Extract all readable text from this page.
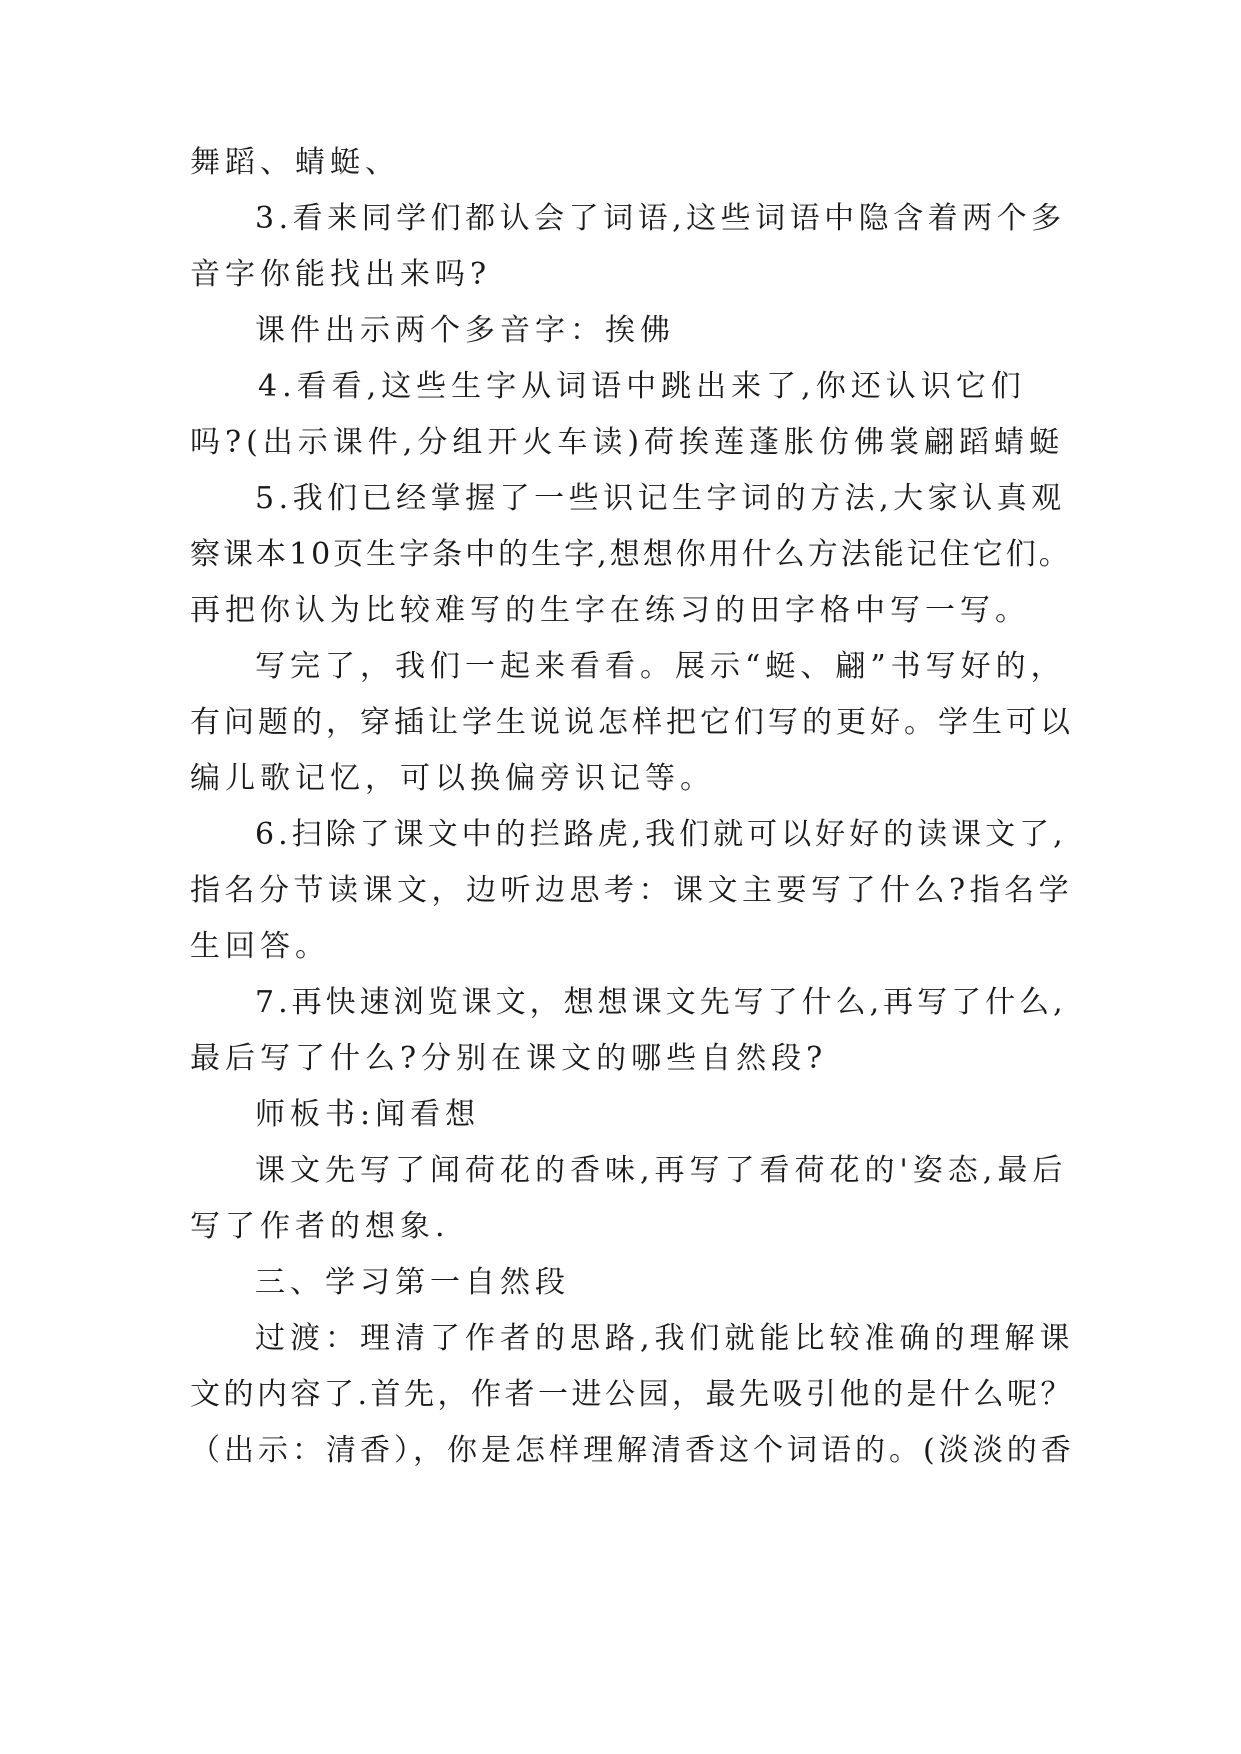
舞蹈、蜻蜓、
3.看来同学们都认会了词语,这些词语中隐含着两个多
音字你能找出来吗?
课件出示两个多音字：挨佛
4.看看,这些生字从词语中跳出来了,你还认识它们
吗?(出示课件,分组开火车读)荷挨莲蓬胀仿佛裳翩蹈蜻蜓
5.我们已经掌握了一些识记生字词的方法,大家认真观
察课本10页生字条中的生字,想想你用什么方法能记住它们。
再把你认为比较难写的生字在练习的田字格中写一写。
写完了，我们一起来看看。展示“蜓、翩”书写好的，
有问题的，穿插让学生说说怎样把它们写的更好。学生可以
编儿歌记忆，可以换偏旁识记等。
6.扫除了课文中的拦路虎,我们就可以好好的读课文了,
指名分节读课文，边听边思考：课文主要写了什么?指名学
生回答。
7.再快速浏览课文，想想课文先写了什么,再写了什么,
最后写了什么?分别在课文的哪些自然段?
师板书:闻看想
课文先写了闻荷花的香味,再写了看荷花的'姿态,最后
写了作者的想象.
三、学习第一自然段
过渡：理清了作者的思路,我们就能比较准确的理解课
文的内容了.首先，作者一进公园，最先吸引他的是什么呢？
（出示：清香），你是怎样理解清香这个词语的。(淡淡的香
